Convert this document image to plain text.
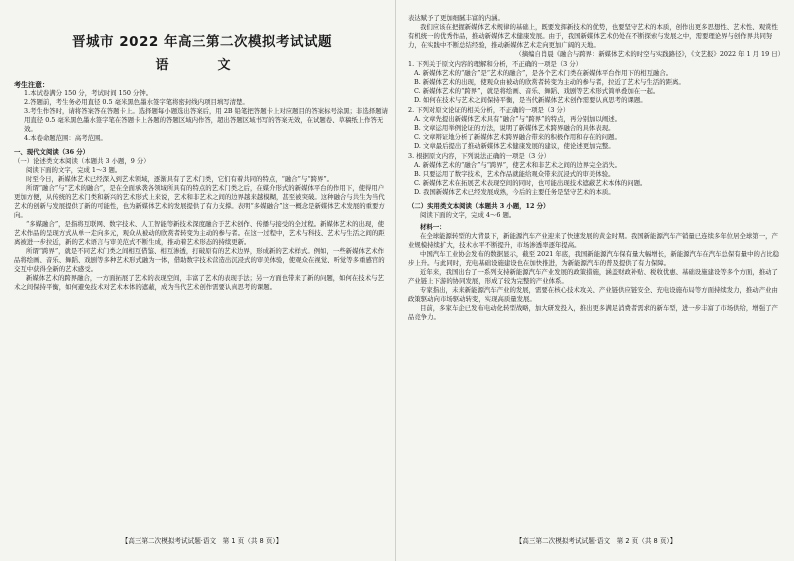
晋城市 2022 年高三第二次模拟考试试题
语　文
考生注意：

1.本试卷满分 150 分，考试时间 150 分钟。

2.答题前，考生务必用直径 0.5 毫米黑色墨水签字笔将密封线内项目填写清楚。

3.考生作答时，请将答案答在答题卡上。选择题每小题选出答案后，用 2B 铅笔把答题卡上对应题目的答案标号涂黑；非选择题请用直径 0.5 毫米黑色墨水签字笔在答题卡上各题的答题区域内作答，超出答题区域书写的答案无效，在试题卷、草稿纸上作答无效。

4.本卷命题范围：高考范围。

一、现代文阅读（36 分）
（一）论述类文本阅读（本题共 3 小题，9 分）

阅读下面的文字，完成 1～3 题。

时至今日，新媒体艺术已经深入到艺术领域，逐渐具有了艺术门类，它们有着共同的特点，“融合”与“跨界”。

所谓“融合”与“艺术的融合”，是在全面承袭各领域所具有的特点的艺术门类之后，在媒介形式的新媒体平台的作用下，使得用户更加方便，从传统的艺术门类和新兴的艺术形式上来说，艺术和非艺术之间的边界越来越模糊，甚至被突破。这种融合与共生为当代艺术的创新与发展提供了新的可能性，也为新媒体艺术的发展提供了有力支撑。表明“多媒融合”这一概念是新媒体艺术发展的重要方向。

“多媒融合”，是指将互联网、数字技术、人工智能等新技术深度融合于艺术创作、传播与接受的全过程。新媒体艺术的出现，使艺术作品的呈现方式从单一走向多元，观众从被动的欣赏者转变为主动的参与者。在这一过程中，艺术与科技、艺术与生活之间的距离被进一步拉近，新的艺术语言与审美范式不断生成，推动着艺术形态的持续更新。

所谓“跨界”，就是不同艺术门类之间相互借鉴、相互渗透，打破原有的艺术边界，形成新的艺术样式。例如，一些新媒体艺术作品将绘画、音乐、舞蹈、戏剧等多种艺术形式融为一体，借助数字技术营造出沉浸式的审美体验，使观众在视觉、听觉等多重感官的交互中获得全新的艺术感受。

新媒体艺术的跨界融合，一方面拓展了艺术的表现空间，丰富了艺术的表现手法；另一方面也带来了新的问题，如何在技术与艺术之间保持平衡，如何避免技术对艺术本体的遮蔽，成为当代艺术创作需要认真思考的课题。

【高三第二次模拟考试试题·语文　第 1 页（共 8 页）】

表达赋予了更加细腻丰富的内涵。

我们应该在把握新媒体艺术规律的基础上，既要发挥新技术的优势，也要坚守艺术的本质，创作出更多思想性、艺术性、观赏性有机统一的优秀作品，推动新媒体艺术健康发展。由于，我国新媒体艺术仍处在不断探索与发展之中，需要理论界与创作界共同努力，在实践中不断总结经验，推动新媒体艺术走向更加广阔的天地。

（摘编自肖晨《融合与跨界：新媒体艺术的时空与实践路径》，《文艺报》2022 年 1 月 19 日）

1. 下列关于原文内容的理解和分析，不正确的一项是（3 分）

A. 新媒体艺术的“融合”是“艺术的融合”，是各个艺术门类在新媒体平台作用下的相互融合。

B. 新媒体艺术的出现，使观众由被动的欣赏者转变为主动的参与者，拉近了艺术与生活的距离。

C. 新媒体艺术的“跨界”，就是将绘画、音乐、舞蹈、戏剧等艺术形式简单叠加在一起。

D. 如何在技术与艺术之间保持平衡，是当代新媒体艺术创作需要认真思考的课题。

2. 下列对原文论证的相关分析，不正确的一项是（3 分）

A. 文章先提出新媒体艺术具有“融合”与“跨界”的特点，再分别加以阐述。

B. 文章运用举例论证的方法，说明了新媒体艺术跨界融合的具体表现。

C. 文章辩证地分析了新媒体艺术跨界融合带来的积极作用和存在的问题。

D. 文章最后提出了推动新媒体艺术健康发展的建议，使论述更加完整。

3. 根据原文内容，下列说法正确的一项是（3 分）

A. 新媒体艺术的“融合”与“跨界”，使艺术和非艺术之间的边界完全消失。

B. 只要运用了数字技术，艺术作品就能给观众带来沉浸式的审美体验。

C. 新媒体艺术在拓展艺术表现空间的同时，也可能出现技术遮蔽艺术本体的问题。

D. 我国新媒体艺术已经发展成熟，今后的主要任务是坚守艺术的本质。

（二）实用类文本阅读（本题共 3 小题，12 分）

阅读下面的文字，完成 4～6 题。

材料一：

在全球能源转型的大背景下，新能源汽车产业迎来了快速发展的黄金时期。我国新能源汽车产销量已连续多年位居全球第一，产业规模持续扩大，技术水平不断提升，市场渗透率逐年提高。

中国汽车工业协会发布的数据显示，截至 2021 年底，我国新能源汽车保有量大幅增长，新能源汽车在汽车总保有量中的占比稳步上升。与此同时，充电基础设施建设也在加快推进，为新能源汽车的普及提供了有力保障。

近年来，我国出台了一系列支持新能源汽车产业发展的政策措施，涵盖财政补贴、税收优惠、基础设施建设等多个方面，推动了产业链上下游的协同发展，形成了较为完整的产业体系。

专家指出，未来新能源汽车产业的发展，需要在核心技术攻关、产业链供应链安全、充电设施布局等方面持续发力，推动产业由政策驱动向市场驱动转变，实现高质量发展。

目前，多家车企已发布电动化转型战略，加大研发投入，推出更多满足消费者需求的新车型，进一步丰富了市场供给，增强了产品竞争力。

【高三第二次模拟考试试题·语文　第 2 页（共 8 页）】
